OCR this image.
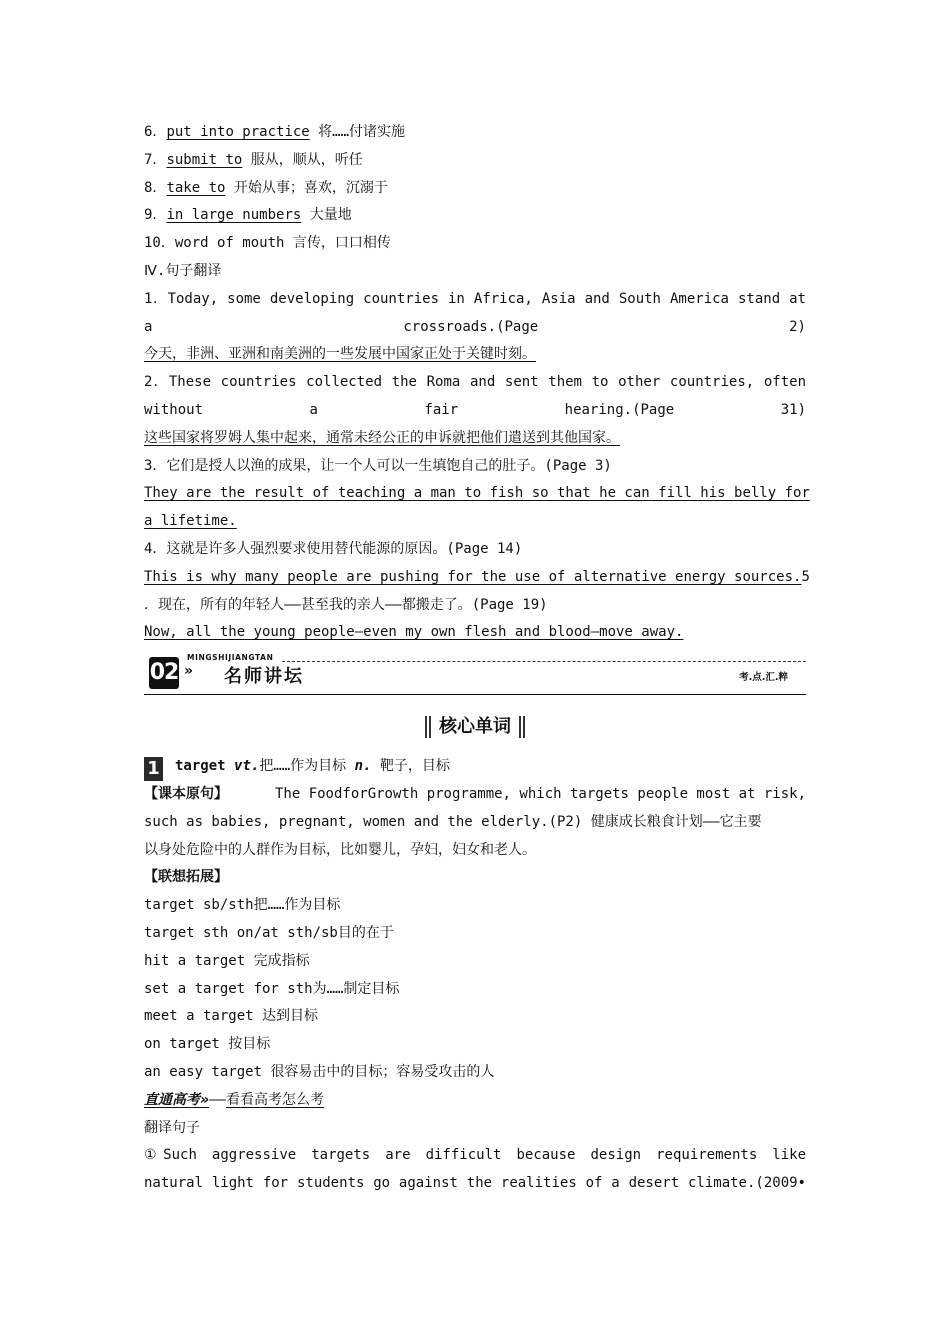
6．put into practice 将……付诸实施
7．submit to 服从，顺从，听任
8．take to 开始从事；喜欢，沉溺于
9．in large numbers 大量地
10．word of mouth 言传，口口相传
Ⅳ.句子翻译
1．Today, some developing countries in Africa, Asia and South America stand at
a crossroads.(Page 2)
今天，非洲、亚洲和南美洲的一些发展中国家正处于关键时刻。
2．These countries collected the Roma and sent them to other countries, often
without a fair hearing.(Page 31)
这些国家将罗姆人集中起来，通常未经公正的申诉就把他们遣送到其他国家。
3．它们是授人以渔的成果，让一个人可以一生填饱自己的肚子。(Page 3)
They are the result of teaching a man to fish so that he can fill his belly for
a lifetime.
4．这就是许多人强烈要求使用替代能源的原因。(Page 14)
This is why many people are pushing for the use of alternative energy sources. 5
．现在，所有的年轻人——甚至我的亲人——都搬走了。(Page 19)
Now, all the young people—even my own flesh and blood—move away.
02
MINGSHIJIANGTAN
» 名师讲坛	考.点.汇.粹
核心单词
1 target vt.把……作为目标 n. 靶子，目标
【课本原句】	The FoodforGrowth programme, which targets people most at risk,
such as babies, pregnant, women and the elderly.(P2) 健康成长粮食计划——它主要
以身处危险中的人群作为目标，比如婴儿，孕妇，妇女和老人。
【联想拓展】
target sb/sth把……作为目标
target sth on/at sth/sb目的在于
hit a target 完成指标
set a target for sth为……制定目标
meet a target 达到目标
on target 按目标
an easy target 很容易击中的目标；容易受攻击的人
直通高考»——看看高考怎么考
翻译句子
①Such aggressive targets are difficult because design requirements like
natural light for students go against the realities of a desert climate.(2009•
